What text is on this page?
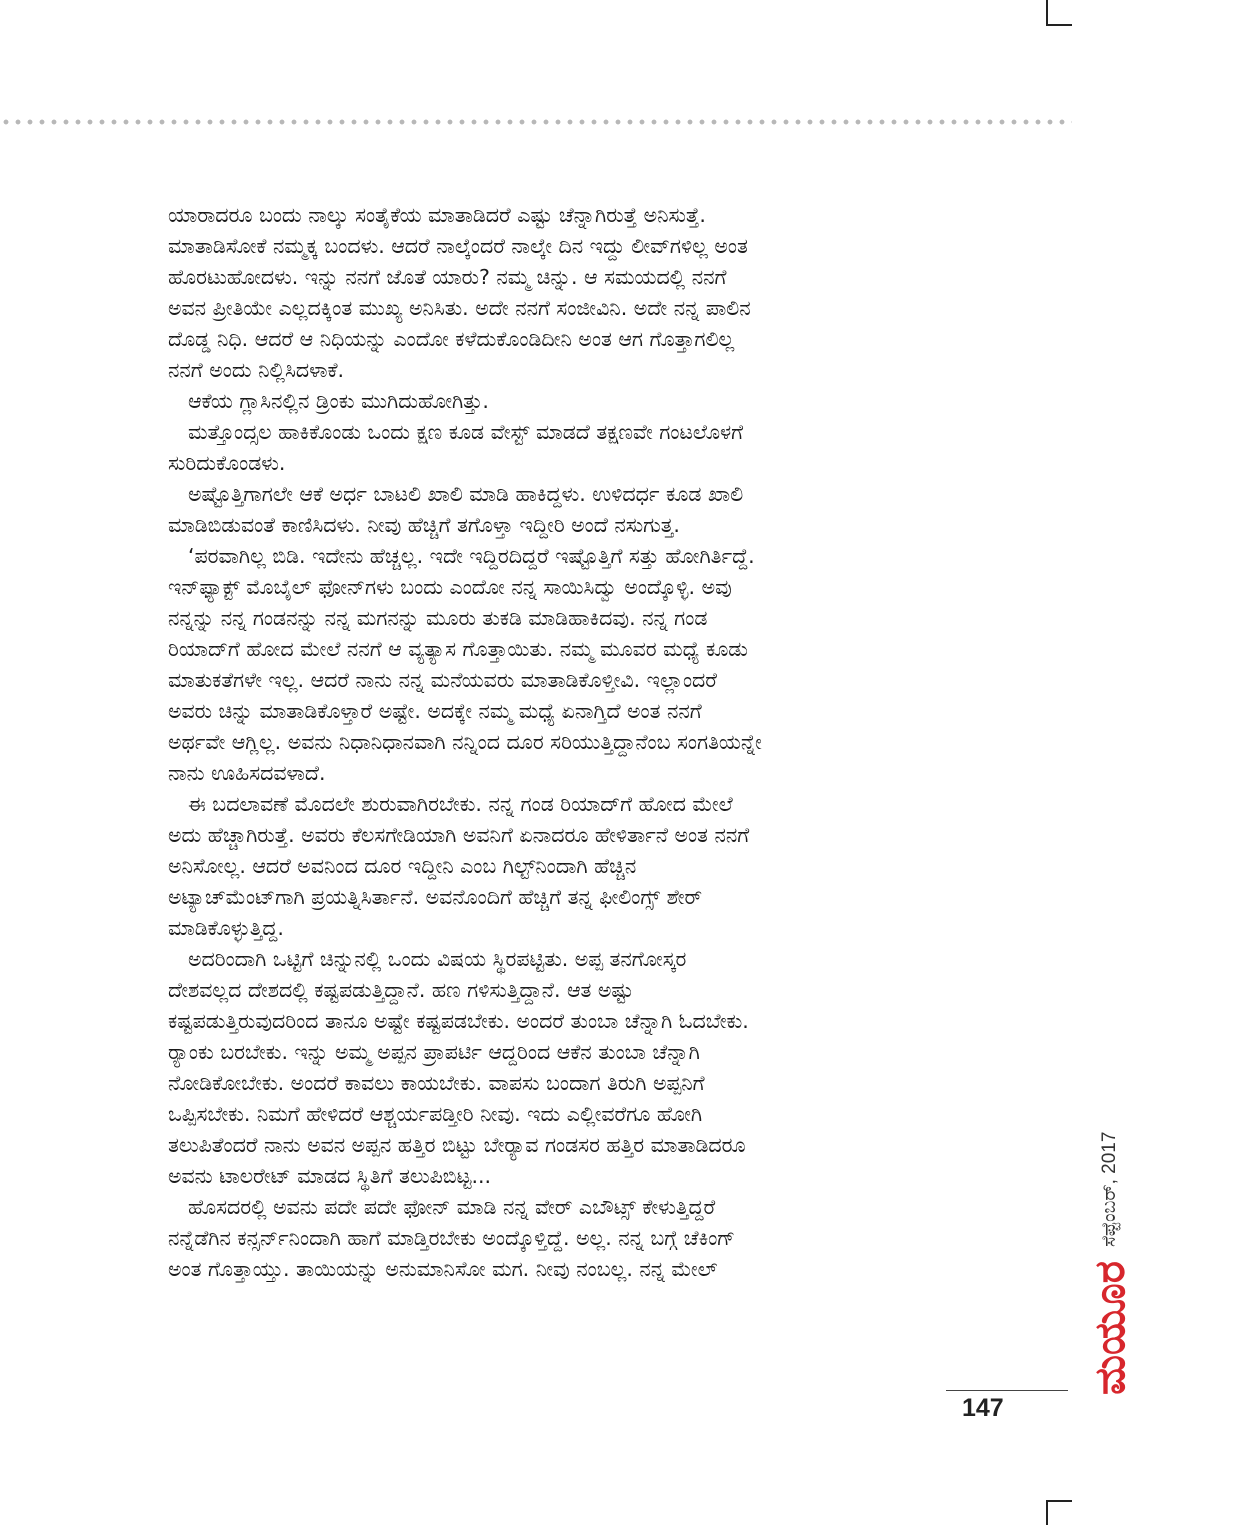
ಯಾರಾದರೂ ಬಂದು ನಾಲ್ಕು ಸಂತೈಕೆಯ ಮಾತಾಡಿದರೆ ಎಷ್ಟು ಚೆನ್ನಾಗಿರುತ್ತೆ ಅನಿಸುತ್ತೆ.
ಮಾತಾಡಿಸೋಕೆ ನಮ್ಮಕ್ಕ ಬಂದಳು. ಆದರೆ ನಾಲ್ಕೆಂದರೆ ನಾಲ್ಕೇ ದಿನ ಇದ್ದು ಲೀವ್‌ಗಳಿಲ್ಲ ಅಂತ
ಹೊರಟುಹೋದಳು. ಇನ್ನು ನನಗೆ ಜೊತೆ ಯಾರು? ನಮ್ಮ ಚಿನ್ನು. ಆ ಸಮಯದಲ್ಲಿ ನನಗೆ
ಅವನ ಪ್ರೀತಿಯೇ ಎಲ್ಲದಕ್ಕಿಂತ ಮುಖ್ಯ ಅನಿಸಿತು. ಅದೇ ನನಗೆ ಸಂಜೀವಿನಿ. ಅದೇ ನನ್ನ ಪಾಲಿನ
ದೊಡ್ಡ ನಿಧಿ. ಆದರೆ ಆ ನಿಧಿಯನ್ನು ಎಂದೋ ಕಳೆದುಕೊಂಡಿದೀನಿ ಅಂತ ಆಗ ಗೊತ್ತಾಗಲಿಲ್ಲ
ನನಗೆ ಅಂದು ನಿಲ್ಲಿಸಿದಳಾಕೆ.
ಆಕೆಯ ಗ್ಲಾಸಿನಲ್ಲಿನ ಡ್ರಿಂಕು ಮುಗಿದುಹೋಗಿತ್ತು.
ಮತ್ತೊಂದ್ಸಲ ಹಾಕಿಕೊಂಡು ಒಂದು ಕ್ಷಣ ಕೂಡ ವೇಸ್ಟ್ ಮಾಡದೆ ತಕ್ಷಣವೇ ಗಂಟಲೊಳಗೆ
ಸುರಿದುಕೊಂಡಳು.
ಅಷ್ಟೊತ್ತಿಗಾಗಲೇ ಆಕೆ ಅರ್ಧ ಬಾಟಲಿ ಖಾಲಿ ಮಾಡಿ ಹಾಕಿದ್ದಳು. ಉಳಿದರ್ಧ ಕೂಡ ಖಾಲಿ
ಮಾಡಿಬಿಡುವಂತೆ ಕಾಣಿಸಿದಳು. ನೀವು ಹೆಚ್ಚಿಗೆ ತಗೊಳ್ತಾ ಇದ್ದೀರಿ ಅಂದೆ ನಸುಗುತ್ತ.
‘ಪರವಾಗಿಲ್ಲ ಬಿಡಿ. ಇದೇನು ಹೆಚ್ಚಲ್ಲ. ಇದೇ ಇದ್ದಿರದಿದ್ದರೆ ಇಷ್ಟೊತ್ತಿಗೆ ಸತ್ತು ಹೋಗಿರ್ತಿದ್ದೆ.
ಇನ್‌ಫ್ಯಾಕ್ಟ್ ಮೊಬೈಲ್ ಫೋನ್‌ಗಳು ಬಂದು ಎಂದೋ ನನ್ನ ಸಾಯಿಸಿದ್ವು ಅಂದ್ಕೊಳ್ಳಿ. ಅವು
ನನ್ನನ್ನು ನನ್ನ ಗಂಡನನ್ನು ನನ್ನ ಮಗನನ್ನು ಮೂರು ತುಕಡಿ ಮಾಡಿಹಾಕಿದವು. ನನ್ನ ಗಂಡ
ರಿಯಾದ್‌ಗೆ ಹೋದ ಮೇಲೆ ನನಗೆ ಆ ವ್ಯತ್ಯಾಸ ಗೊತ್ತಾಯಿತು. ನಮ್ಮ ಮೂವರ ಮಧ್ಯೆ ಕೂಡು
ಮಾತುಕತೆಗಳೇ ಇಲ್ಲ. ಆದರೆ ನಾನು ನನ್ನ ಮನೆಯವರು ಮಾತಾಡಿಕೊಳ್ತೀವಿ. ಇಲ್ಲಾಂದರೆ
ಅವರು ಚಿನ್ನು ಮಾತಾಡಿಕೊಳ್ತಾರೆ ಅಷ್ಟೇ. ಅದಕ್ಕೇ ನಮ್ಮ ಮಧ್ಯೆ ಏನಾಗ್ತಿದೆ ಅಂತ ನನಗೆ
ಅರ್ಥವೇ ಆಗ್ಲಿಲ್ಲ. ಅವನು ನಿಧಾನಿಧಾನವಾಗಿ ನನ್ನಿಂದ ದೂರ ಸರಿಯುತ್ತಿದ್ದಾನೆಂಬ ಸಂಗತಿಯನ್ನೇ
ನಾನು ಊಹಿಸದವಳಾದೆ.
ಈ ಬದಲಾವಣೆ ಮೊದಲೇ ಶುರುವಾಗಿರಬೇಕು. ನನ್ನ ಗಂಡ ರಿಯಾದ್‌ಗೆ ಹೋದ ಮೇಲೆ
ಅದು ಹೆಚ್ಚಾಗಿರುತ್ತೆ. ಅವರು ಕೆಲಸಗೇಡಿಯಾಗಿ ಅವನಿಗೆ ಏನಾದರೂ ಹೇಳಿರ್ತಾನೆ ಅಂತ ನನಗೆ
ಅನಿಸೋಲ್ಲ. ಆದರೆ ಅವನಿಂದ ದೂರ ಇದ್ದೀನಿ ಎಂಬ ಗಿಲ್ಟ್‌ನಿಂದಾಗಿ ಹೆಚ್ಚಿನ
ಅಟ್ಯಾಚ್‌ಮೆಂಟ್‌ಗಾಗಿ ಪ್ರಯತ್ನಿಸಿರ್ತಾನೆ. ಅವನೊಂದಿಗೆ ಹೆಚ್ಚಿಗೆ ತನ್ನ ಫೀಲಿಂಗ್ಸ್ ಶೇರ್
ಮಾಡಿಕೊಳ್ಳುತ್ತಿದ್ದ.
ಅದರಿಂದಾಗಿ ಒಟ್ಟಿಗೆ ಚಿನ್ನುನಲ್ಲಿ ಒಂದು ವಿಷಯ ಸ್ಥಿರಪಟ್ಟಿತು. ಅಪ್ಪ ತನಗೋಸ್ಕರ
ದೇಶವಲ್ಲದ ದೇಶದಲ್ಲಿ ಕಷ್ಟಪಡುತ್ತಿದ್ದಾನೆ. ಹಣ ಗಳಿಸುತ್ತಿದ್ದಾನೆ. ಆತ ಅಷ್ಟು
ಕಷ್ಟಪಡುತ್ತಿರುವುದರಿಂದ ತಾನೂ ಅಷ್ಟೇ ಕಷ್ಟಪಡಬೇಕು. ಅಂದರೆ ತುಂಬಾ ಚೆನ್ನಾಗಿ ಓದಬೇಕು.
ರ್‍ಯಾಂಕು ಬರಬೇಕು. ಇನ್ನು ಅಮ್ಮ ಅಪ್ಪನ ಪ್ರಾಪರ್ಟಿ ಆದ್ದರಿಂದ ಆಕೆನ ತುಂಬಾ ಚೆನ್ನಾಗಿ
ನೋಡಿಕೋಬೇಕು. ಅಂದರೆ ಕಾವಲು ಕಾಯಬೇಕು. ವಾಪಸು ಬಂದಾಗ ತಿರುಗಿ ಅಪ್ಪನಿಗೆ
ಒಪ್ಪಿಸಬೇಕು. ನಿಮಗೆ ಹೇಳಿದರೆ ಆಶ್ಚರ್ಯಪಡ್ತೀರಿ ನೀವು. ಇದು ಎಲ್ಲೀವರೆಗೂ ಹೋಗಿ
ತಲುಪಿತೆಂದರೆ ನಾನು ಅವನ ಅಪ್ಪನ ಹತ್ತಿರ ಬಿಟ್ಟು ಬೇರ‍್ಯಾವ ಗಂಡಸರ ಹತ್ತಿರ ಮಾತಾಡಿದರೂ
ಅವನು ಟಾಲರೇಟ್ ಮಾಡದ ಸ್ಥಿತಿಗೆ ತಲುಪಿಬಿಟ್ಟ...
ಹೊಸದರಲ್ಲಿ ಅವನು ಪದೇ ಪದೇ ಫೋನ್ ಮಾಡಿ ನನ್ನ ವೇರ್ ಎಬೌಟ್ಸ್ ಕೇಳುತ್ತಿದ್ದರೆ
ನನ್ನೆಡೆಗಿನ ಕನ್ಸರ್ನ್‌ನಿಂದಾಗಿ ಹಾಗೆ ಮಾಡ್ತಿರಬೇಕು ಅಂದ್ಕೊಳ್ತಿದ್ದೆ. ಅಲ್ಲ. ನನ್ನ ಬಗ್ಗೆ ಚೆಕಿಂಗ್
ಅಂತ ಗೊತ್ತಾಯ್ತು. ತಾಯಿಯನ್ನು ಅನುಮಾನಿಸೋ ಮಗ. ನೀವು ನಂಬಲ್ಲ. ನನ್ನ ಮೇಲ್	ಮಯೂರ
ಸೆಪ್ಟೆಂಬರ್, 2017
147
